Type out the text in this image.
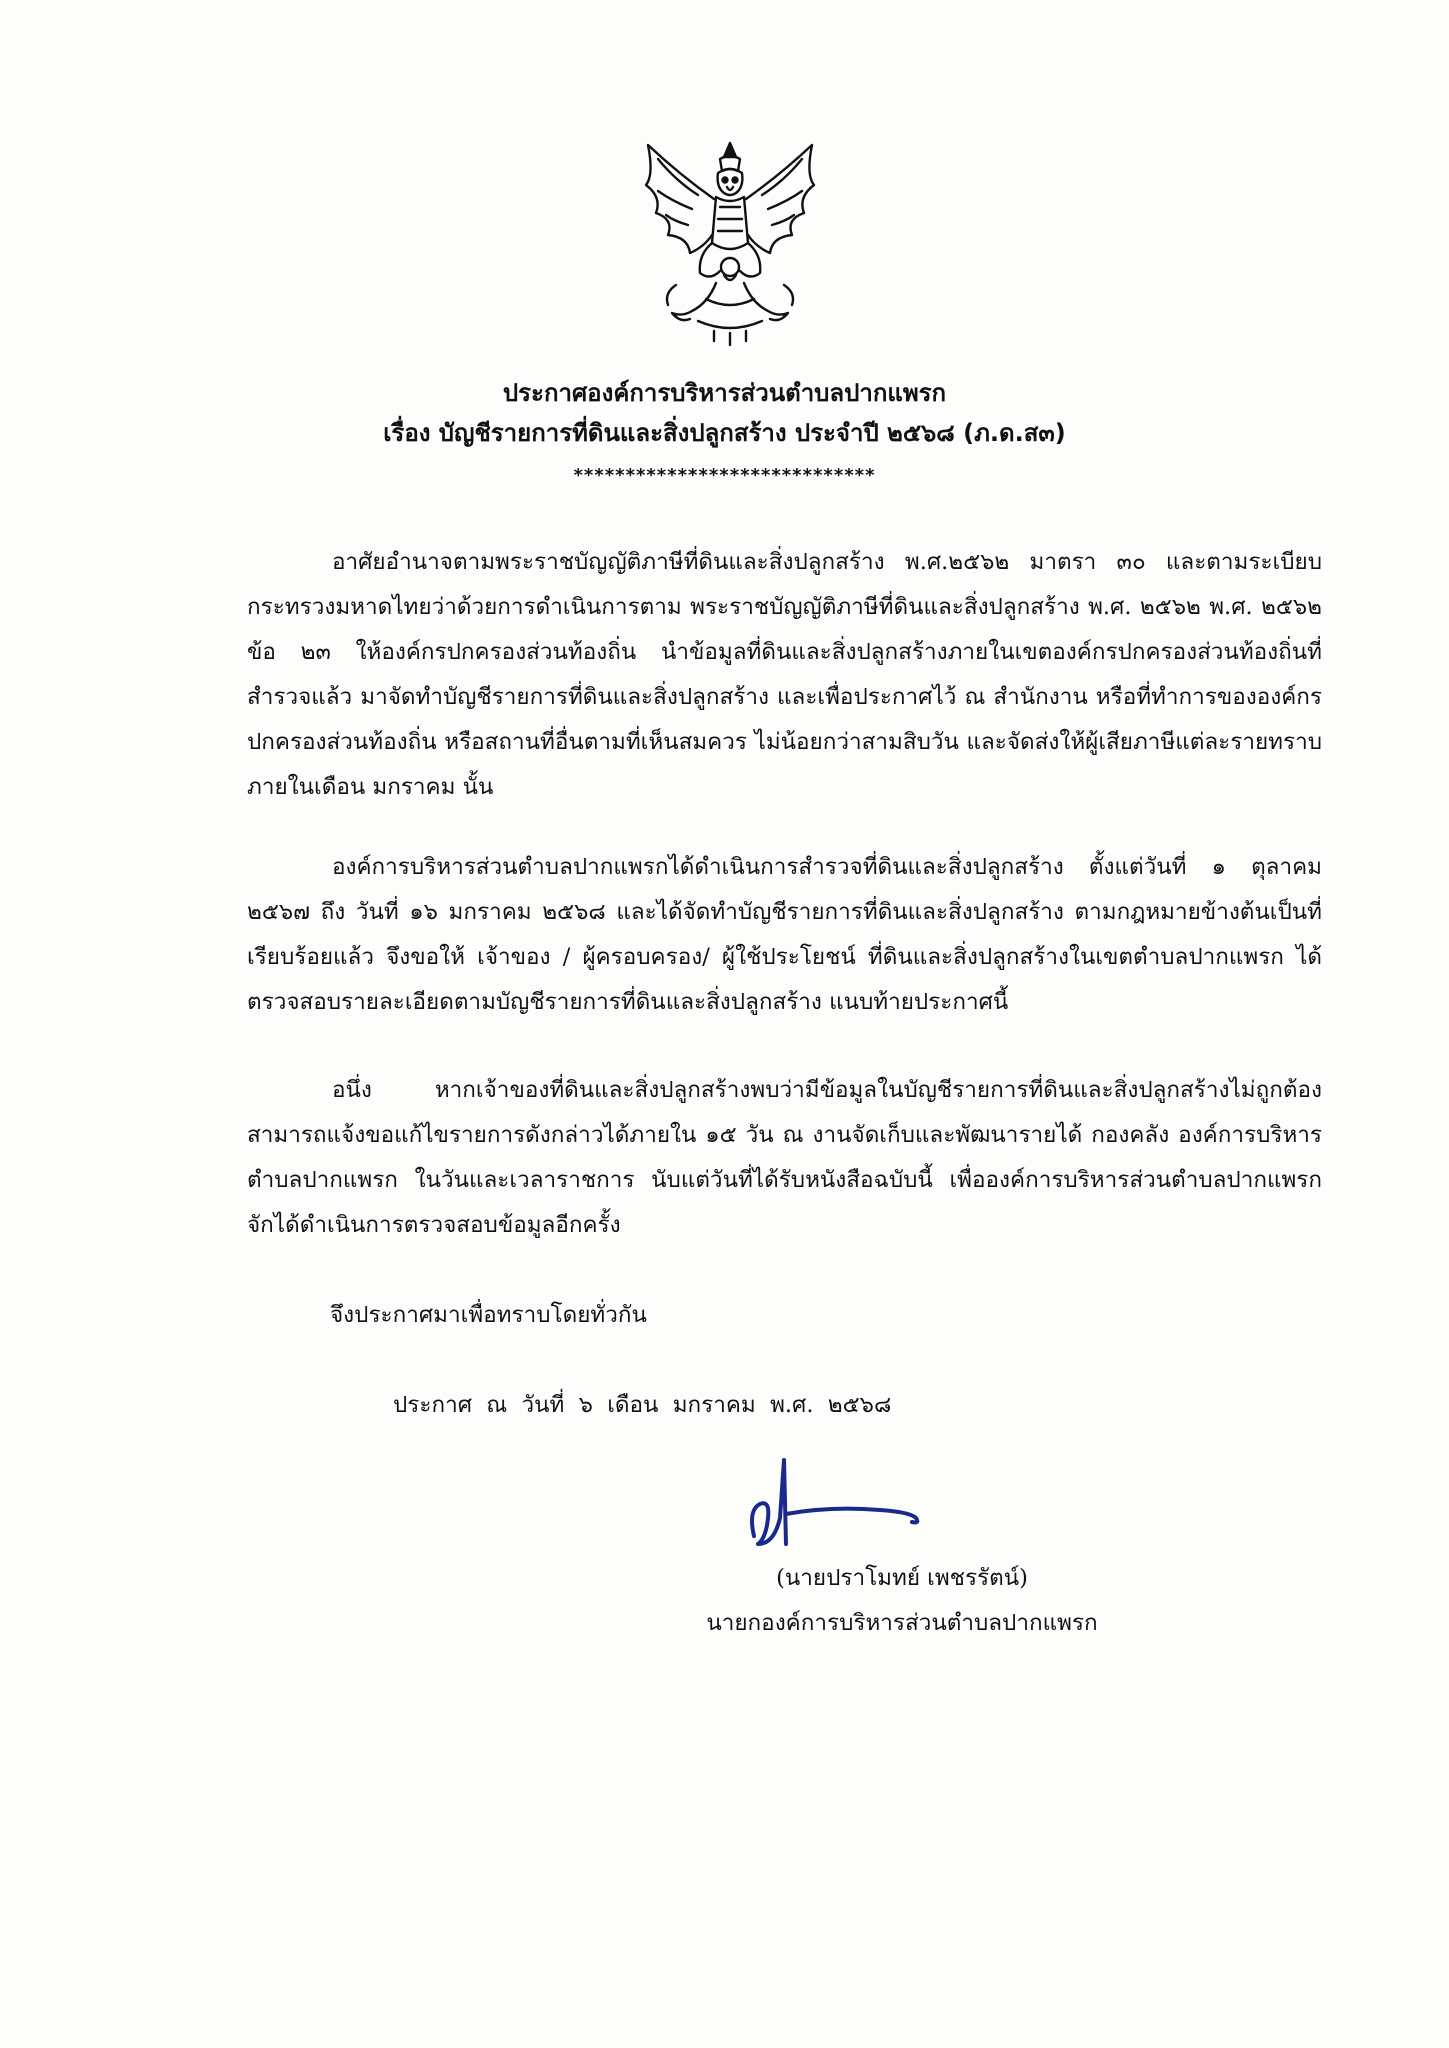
ประกาศองค์การบริหารส่วนตำบลปากแพรก
เรื่อง บัญชีรายการที่ดินและสิ่งปลูกสร้าง ประจำปี ๒๕๖๘ (ภ.ด.ส๓)
*****************************

อาศัยอำนาจตามพระราชบัญญัติภาษีที่ดินและสิ่งปลูกสร้าง พ.ศ.๒๕๖๒ มาตรา ๓๐ และตามระเบียบกระทรวงมหาดไทยว่าด้วยการดำเนินการตาม พระราชบัญญัติภาษีที่ดินและสิ่งปลูกสร้าง พ.ศ. ๒๕๖๒ พ.ศ. ๒๕๖๒ ข้อ ๒๓ ให้องค์กรปกครองส่วนท้องถิ่น นำข้อมูลที่ดินและสิ่งปลูกสร้างภายในเขตองค์กรปกครองส่วนท้องถิ่นที่สำรวจแล้ว มาจัดทำบัญชีรายการที่ดินและสิ่งปลูกสร้าง และเพื่อประกาศไว้ ณ สำนักงาน หรือที่ทำการขององค์กรปกครองส่วนท้องถิ่น หรือสถานที่อื่นตามที่เห็นสมควร ไม่น้อยกว่าสามสิบวัน และจัดส่งให้ผู้เสียภาษีแต่ละรายทราบภายในเดือน มกราคม นั้น

องค์การบริหารส่วนตำบลปากแพรกได้ดำเนินการสำรวจที่ดินและสิ่งปลูกสร้าง ตั้งแต่วันที่ ๑ ตุลาคม ๒๕๖๗ ถึง วันที่ ๑๖ มกราคม ๒๕๖๘ และได้จัดทำบัญชีรายการที่ดินและสิ่งปลูกสร้าง ตามกฎหมายข้างต้นเป็นที่เรียบร้อยแล้ว จึงขอให้ เจ้าของ / ผู้ครอบครอง/ ผู้ใช้ประโยชน์ ที่ดินและสิ่งปลูกสร้างในเขตตำบลปากแพรก ได้ตรวจสอบรายละเอียดตามบัญชีรายการที่ดินและสิ่งปลูกสร้าง แนบท้ายประกาศนี้

อนึ่ง หากเจ้าของที่ดินและสิ่งปลูกสร้างพบว่ามีข้อมูลในบัญชีรายการที่ดินและสิ่งปลูกสร้างไม่ถูกต้อง สามารถแจ้งขอแก้ไขรายการดังกล่าวได้ภายใน ๑๕ วัน ณ งานจัดเก็บและพัฒนารายได้ กองคลัง องค์การบริหารตำบลปากแพรก ในวันและเวลาราชการ นับแต่วันที่ได้รับหนังสือฉบับนี้ เพื่อองค์การบริหารส่วนตำบลปากแพรก จักได้ดำเนินการตรวจสอบข้อมูลอีกครั้ง

จึงประกาศมาเพื่อทราบโดยทั่วกัน
ประกาศ  ณ  วันที่  ๖  เดือน  มกราคม  พ.ศ.  ๒๕๖๘
(นายปราโมทย์ เพชรรัตน์)
นายกองค์การบริหารส่วนตำบลปากแพรก
